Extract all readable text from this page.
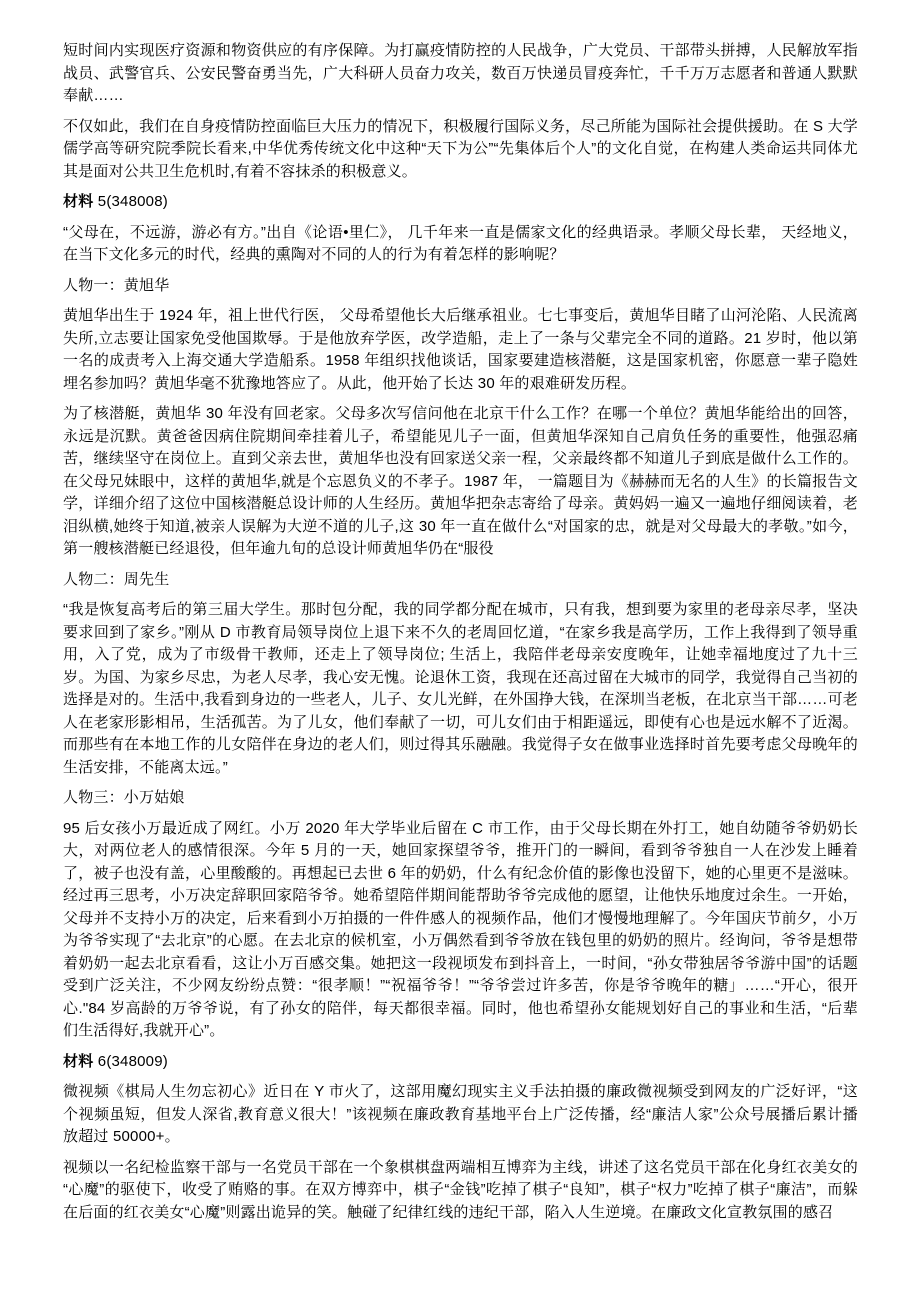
短时间内实现医疗资源和物资供应的有序保障。为打赢疫情防控的人民战争，广大党员、干部带头拼搏，人民解放军指战员、武警官兵、公安民警奋勇当先，广大科研人员奋力攻关，数百万快递员冒疫奔忙，千千万万志愿者和普通人默默奉献……

不仅如此，我们在自身疫情防控面临巨大压力的情况下，积极履行国际义务，尽己所能为国际社会提供援助。在 S 大学儒学高等研究院季院长看来,中华优秀传统文化中这种“天下为公”“先集体后个人”的文化自觉，在构建人类命运共同体尤其是面对公共卫生危机时,有着不容抹杀的积极意义。

材料 5(348008)

“父母在，不远游，游必有方。”出自《论语•里仁》， 几千年来一直是儒家文化的经典语录。孝顺父母长辈， 天经地义，在当下文化多元的时代，经典的熏陶对不同的人的行为有着怎样的影响呢？

人物一：黄旭华

黄旭华出生于 1924 年，祖上世代行医， 父母希望他长大后继承祖业。七七事变后，黄旭华目睹了山河沦陷、人民流离失所,立志要让国家免受他国欺辱。于是他放弃学医，改学造船，走上了一条与父辈完全不同的道路。21 岁时，他以第一名的成责考入上海交通大学造船系。1958 年组织找他谈话，国家要建造核潜艇，这是国家机密，你愿意一辈子隐姓埋名参加吗？黄旭华毫不犹豫地答应了。从此，他开始了长达 30 年的艰难研发历程。

为了核潜艇，黄旭华 30 年没有回老家。父母多次写信问他在北京干什么工作？在哪一个单位？黄旭华能给出的回答，永远是沉默。黄爸爸因病住院期间牵挂着儿子，希望能见儿子一面，但黄旭华深知自己肩负任务的重要性，他强忍痛苦，继续坚守在岗位上。直到父亲去世，黄旭华也没有回家送父亲一程，父亲最终都不知道儿子到底是做什么工作的。在父母兄妹眼中，这样的黄旭华,就是个忘恩负义的不孝子。1987 年， 一篇题目为《赫赫而无名的人生》的长篇报告文学，详细介绍了这位中国核潜艇总设计师的人生经历。黄旭华把杂志寄给了母亲。黄妈妈一遍又一遍地仔细阅读着，老泪纵横,她终于知道,被亲人误解为大逆不道的儿子,这 30 年一直在做什么“对国家的忠，就是对父母最大的孝敬。”如今，第一艘核潜艇已经退役，但年逾九旬的总设计师黄旭华仍在“服役

人物二：周先生

“我是恢复高考后的第三届大学生。那时包分配，我的同学都分配在城市，只有我，想到要为家里的老母亲尽孝，坚决要求回到了家乡。”刚从 D 市教育局领导岗位上退下来不久的老周回忆道，“在家乡我是高学历，工作上我得到了领导重用，入了党，成为了市级骨干教师，还走上了领导岗位; 生活上，我陪伴老母亲安度晚年，让她幸福地度过了九十三岁。为国、为家乡尽忠，为老人尽孝，我心安无愧。论退休工资，我现在还高过留在大城市的同学，我觉得自己当初的选择是对的。生活中,我看到身边的一些老人，儿子、女儿光鲜，在外国挣大钱，在深圳当老板，在北京当干部……可老人在老家形影相吊，生活孤苦。为了儿女，他们奉献了一切，可儿女们由于相距遥远，即使有心也是远水解不了近渴。而那些有在本地工作的儿女陪伴在身边的老人们，则过得其乐融融。我觉得子女在做事业选择时首先要考虑父母晚年的生活安排，不能离太远。”

人物三：小万姑娘

95 后女孩小万最近成了网红。小万 2020 年大学毕业后留在 C 市工作，由于父母长期在外打工，她自幼随爷爷奶奶长大，对两位老人的感情很深。今年 5 月的一天，她回家探望爷爷，推开门的一瞬间，看到爷爷独自一人在沙发上睡着了，被子也没有盖，心里酸酸的。再想起已去世 6 年的奶奶，什么有纪念价值的影像也没留下，她的心里更不是滋味。经过再三思考，小万决定辞职回家陪爷爷。她希望陪伴期间能帮助爷爷完成他的愿望，让他快乐地度过余生。一开始，父母并不支持小万的决定，后来看到小万拍摄的一件件感人的视频作品，他们才慢慢地理解了。今年国庆节前夕，小万为爷爷实现了“去北京”的心愿。在去北京的候机室，小万偶然看到爷爷放在钱包里的奶奶的照片。经询问，爷爷是想带着奶奶一起去北京看看，这让小万百感交集。她把这一段视顷发布到抖音上，一时间，“孙女带独居爷爷游中国”的话题受到广泛关注，不少网友纷纷点赞：“很孝顺！”“祝福爷爷！”“爷爷尝过许多苦，你是爷爷晚年的糖」……“开心，很开心."84 岁高龄的万爷爷说，有了孙女的陪伴，每天都很幸福。同时，他也希望孙女能规划好自己的事业和生活，“后辈们生活得好,我就开心”。

材料 6(348009)

微视频《棋局人生勿忘初心》近日在 Y 市火了，这部用魔幻现实主义手法拍摄的廉政微视频受到网友的广泛好评，“这个视频虽短，但发人深省,教育意义很大！”该视频在廉政教育基地平台上广泛传播，经“廉洁人家”公众号展播后累计播放超过 50000+。

视频以一名纪检监察干部与一名党员干部在一个象棋棋盘两端相互博弈为主线，讲述了这名党员干部在化身红衣美女的“心魔”的驱使下，收受了贿赂的事。在双方博弈中，棋子“金钱”吃掉了棋子“良知”，棋子“权力”吃掉了棋子“廉洁”，而躲在后面的红衣美女“心魔”则露出诡异的笑。触碰了纪律红线的违纪干部，陷入人生逆境。在廉政文化宣教氛围的感召
